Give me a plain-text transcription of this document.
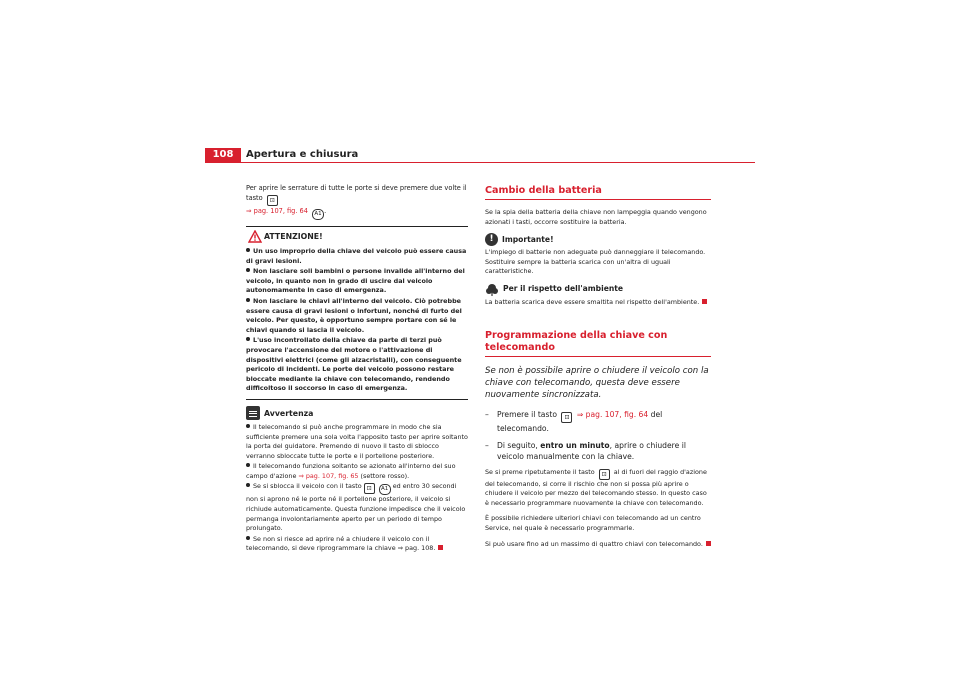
108	Apertura e chiusura

Per aprire le serrature di tutte le porte si deve premere due volte il tasto ⊡
⇒ pag. 107, fig. 64 A1 .

ATTENZIONE!
Un uso improprio della chiave del veicolo può essere causa di gravi lesioni.
Non lasciare soli bambini o persone invalide all'interno del veicolo, in quanto non in grado di uscire dal veicolo autonomamente in caso di emergenza.
Non lasciare le chiavi all'interno del veicolo. Ciò potrebbe essere causa di gravi lesioni o infortuni, nonché di furto del veicolo. Per questo, è opportuno sempre portare con sé le chiavi quando si lascia il veicolo.
L'uso incontrollato della chiave da parte di terzi può provocare l'accensione del motore o l'attivazione di dispositivi elettrici (come gli alzacristalli), con conseguente pericolo di incidenti. Le porte del veicolo possono restare bloccate mediante la chiave con telecomando, rendendo difficoltoso il soccorso in caso di emergenza.
Avvertenza
Il telecomando si può anche programmare in modo che sia sufficiente premere una sola volta l'apposito tasto per aprire soltanto la porta del guidatore. Premendo di nuovo il tasto di sblocco verranno sbloccate tutte le porte e il portellone posteriore.
Il telecomando funziona soltanto se azionato all'interno del suo campo d'azione ⇒ pag. 107, fig. 65 (settore rosso).
Se si sblocca il veicolo con il tasto ⊡ A1 ed entro 30 secondi non si aprono né le porte né il portellone posteriore, il veicolo si richiude automaticamente. Questa funzione impedisce che il veicolo permanga involontariamente aperto per un periodo di tempo prolungato.
Se non si riesce ad aprire né a chiudere il veicolo con il telecomando, si deve riprogrammare la chiave ⇒ pag. 108.
Cambio della batteria

Se la spia della batteria della chiave non lampeggia quando vengono azionati i tasti, occorre sostituire la batteria.

!	Importante!

L'impiego di batterie non adeguate può danneggiare il telecomando. Sostituire sempre la batteria scarica con un'altra di uguali caratteristiche.

Per il rispetto dell'ambiente

La batteria scarica deve essere smaltita nel rispetto dell'ambiente.

Programmazione della chiave con telecomando

Se non è possibile aprire o chiudere il veicolo con la chiave con telecomando, questa deve essere nuovamente sincronizzata.

– Premere il tasto ⊡ ⇒ pag. 107, fig. 64 del telecomando.
– Di seguito, entro un minuto, aprire o chiudere il veicolo manualmente con la chiave.

Se si preme ripetutamente il tasto ⊡ al di fuori del raggio d'azione del telecomando, si corre il rischio che non si possa più aprire o chiudere il veicolo per mezzo del telecomando stesso. In questo caso è necessario programmare nuovamente la chiave con telecomando.

È possibile richiedere ulteriori chiavi con telecomando ad un centro Service, nel quale è necessario programmarle.

Si può usare fino ad un massimo di quattro chiavi con telecomando.
